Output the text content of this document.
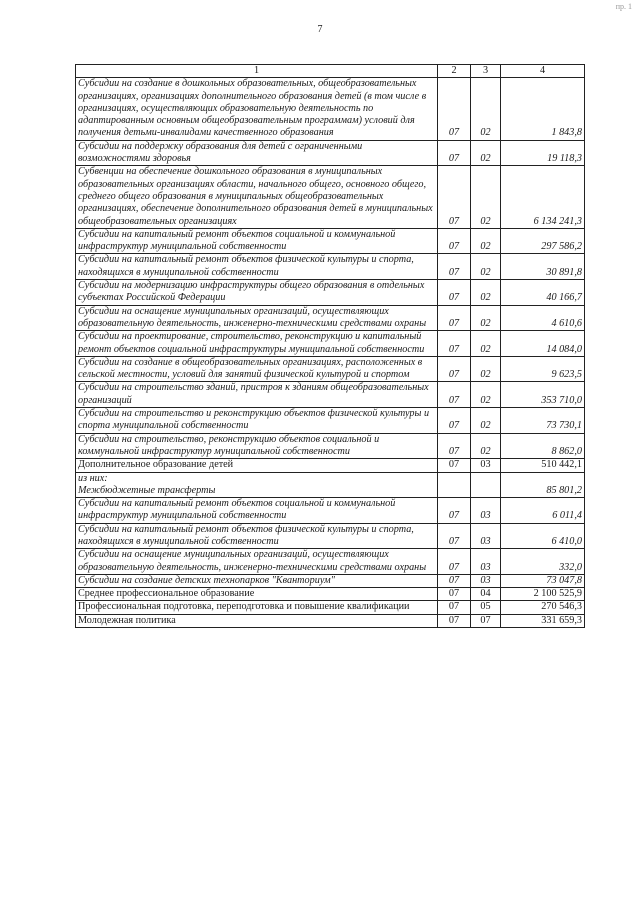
пр. 1
7
1	2	3	4
Субсидии на создание в дошкольных образовательных, общеобразовательных организациях, организациях дополнительного образования детей (в том числе в организациях, осуществляющих образовательную деятельность по адаптированным основным общеобразовательным программам) условий для получения детьми-инвалидами качественного образования	07	02	1 843,8
Субсидии на поддержку образования для детей с ограниченными возможностями здоровья	07	02	19 118,3
Субвенции на обеспечение дошкольного образования в муниципальных образовательных организациях области, начального общего, основного общего, среднего общего образования в муниципальных общеобразовательных организациях, обеспечение дополнительного образования детей в муниципальных общеобразовательных организациях	07	02	6 134 241,3
Субсидии на капитальный ремонт объектов социальной и коммунальной инфраструктур муниципальной собственности	07	02	297 586,2
Субсидии на капитальный ремонт объектов физической культуры и спорта, находящихся в муниципальной собственности	07	02	30 891,8
Субсидии на модернизацию инфраструктуры общего образования в отдельных субъектах Российской Федерации	07	02	40 166,7
Субсидии на оснащение муниципальных организаций, осуществляющих образовательную деятельность, инженерно-техническими средствами охраны	07	02	4 610,6
Субсидии на проектирование, строительство, реконструкцию и капитальный ремонт объектов социальной инфраструктуры муниципальной собственности	07	02	14 084,0
Субсидии на создание в общеобразовательных организациях, расположенных в сельской местности, условий для занятий физической культурой и спортом	07	02	9 623,5
Субсидии на строительство зданий, пристроя к зданиям общеобразовательных организаций	07	02	353 710,0
Субсидии на строительство и реконструкцию объектов физической культуры и спорта муниципальной собственности	07	02	73 730,1
Субсидии на строительство, реконструкцию объектов социальной и коммунальной инфраструктур муниципальной собственности	07	02	8 862,0
Дополнительное образование детей	07	03	510 442,1

из них:
Межбюджетные трансферты			85 801,2
Субсидии на капитальный ремонт объектов социальной и коммунальной инфраструктур муниципальной собственности	07	03	6 011,4
Субсидии на капитальный ремонт объектов физической культуры и спорта, находящихся в муниципальной собственности	07	03	6 410,0
Субсидии на оснащение муниципальных организаций, осуществляющих образовательную деятельность, инженерно-техническими средствами охраны	07	03	332,0
Субсидии на создание детских технопарков "Кванториум"	07	03	73 047,8
Среднее профессиональное образование	07	04	2 100 525,9
Профессиональная подготовка, переподготовка и повышение квалификации	07	05	270 546,3
Молодежная политика	07	07	331 659,3
